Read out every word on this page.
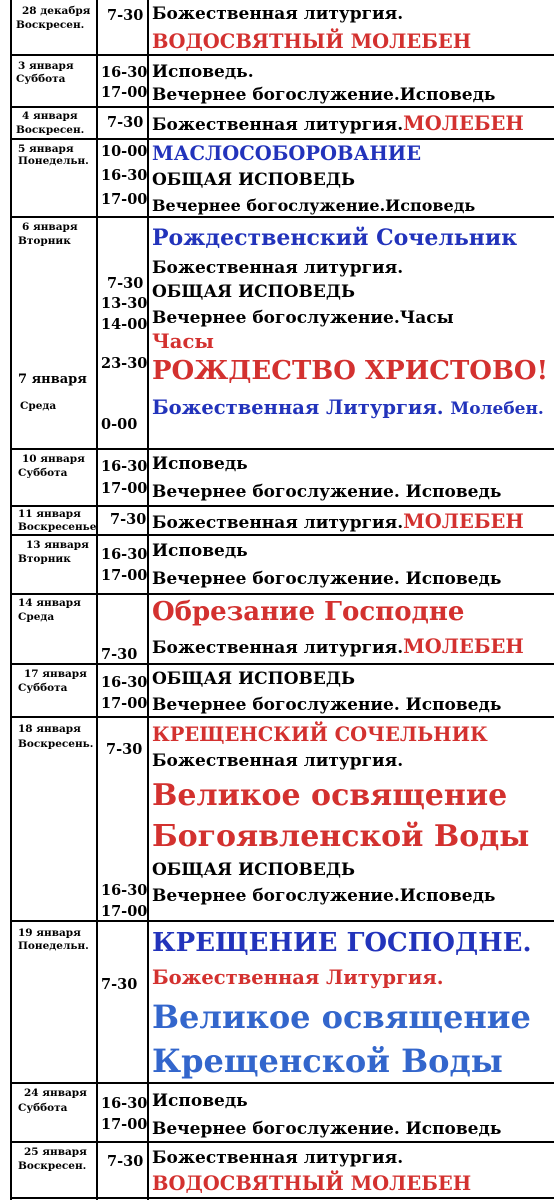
28 декабря
Воскресен.
7-30 Божественная литургия.
ВОДОСВЯТНЫЙ МОЛЕБЕН
3 января
Суббота 16-30
17-00
Исповедь.
Вечернее богослужение.Исповедь
4 января
Воскресен. 7-30 Божественная литургия.МОЛЕБЕН
5 января
Понедельн.
10-00
16-30
17-00
МАСЛОСОБОРОВАНИЕ
ОБЩАЯ ИСПОВЕДЬ
Вечернее богослужение.Исповедь
6 января
Вторник
7 января
Среда
7-30
13-30
14-00
23-30
0-00
Рождественский Сочельник
Божественная литургия.
ОБЩАЯ ИСПОВЕДЬ
Вечернее богослужение.Часы
Часы
РОЖДЕСТВО ХРИСТОВО!
Божественная Литургия. Молебен.
10 января
Суббота 16-30
17-00
Исповедь
Вечернее богослужение. Исповедь
11 января
Воскресенье 7-30 Божественная литургия.МОЛЕБЕН
13 января
Вторник 16-30
17-00
Исповедь
Вечернее богослужение. Исповедь
14 января
Среда
7-30
Обрезание Господне
Божественная литургия.МОЛЕБЕН
17 января
Суббота 16-30
17-00
ОБЩАЯ ИСПОВЕДЬ
Вечернее богослужение. Исповедь
18 января
Воскресень. 7-30
16-30
17-00
КРЕЩЕНСКИЙ СОЧЕЛЬНИК
Божественная литургия.
Великое освящение
Богоявленской Воды
ОБЩАЯ ИСПОВЕДЬ
Вечернее богослужение.Исповедь
19 января
Понедельн.
7-30
КРЕЩЕНИЕ ГОСПОДНЕ.
Божественная Литургия.
Великое освящение
Крещенской Воды
24 января
Суббота 16-30
17-00
Исповедь
Вечернее богослужение. Исповедь
25 января
Воскресен. 7-30 Божественная литургия.
ВОДОСВЯТНЫЙ МОЛЕБЕН
